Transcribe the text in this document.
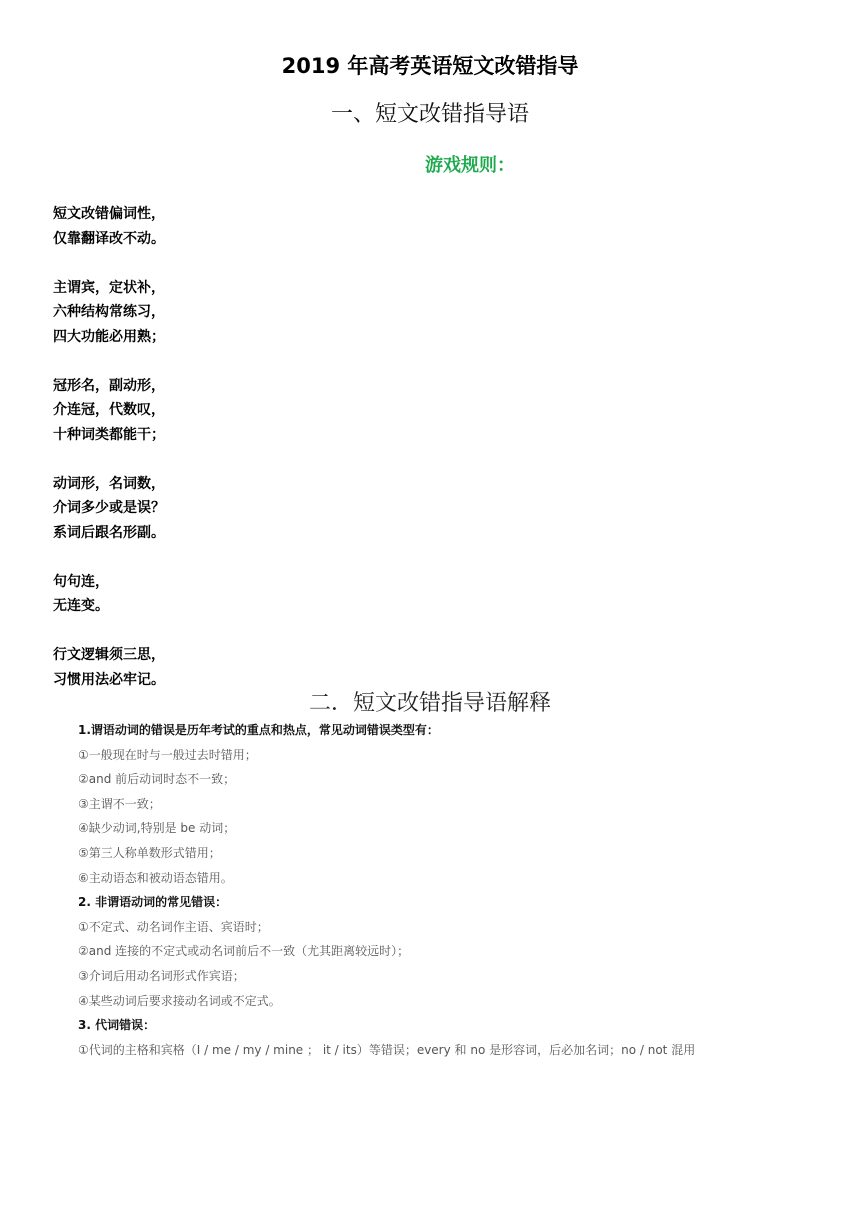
2019 年高考英语短文改错指导
一、短文改错指导语
游戏规则：
短文改错偏词性，
仅靠翻译改不动。
主谓宾，定状补，
六种结构常练习，
四大功能必用熟；
冠形名，副动形，
介连冠，代数叹，
十种词类都能干；
动词形，名词数，
介词多少或是误？
系词后跟名形副。
句句连，
无连变。
行文逻辑须三思，
习惯用法必牢记。
二．短文改错指导语解释
1.谓语动词的错误是历年考试的重点和热点，常见动词错误类型有：
①一般现在时与一般过去时错用；
②and 前后动词时态不一致；
③主谓不一致；
④缺少动词,特别是 be 动词；
⑤第三人称单数形式错用；
⑥主动语态和被动语态错用。
2. 非谓语动词的常见错误：
①不定式、动名词作主语、宾语时；
②and 连接的不定式或动名词前后不一致（尤其距离较远时）；
③介词后用动名词形式作宾语；
④某些动词后要求接动名词或不定式。
3. 代词错误：
①代词的主格和宾格（I / me / my / mine ； it / its）等错误；every 和 no 是形容词，后必加名词；no / not 混用
